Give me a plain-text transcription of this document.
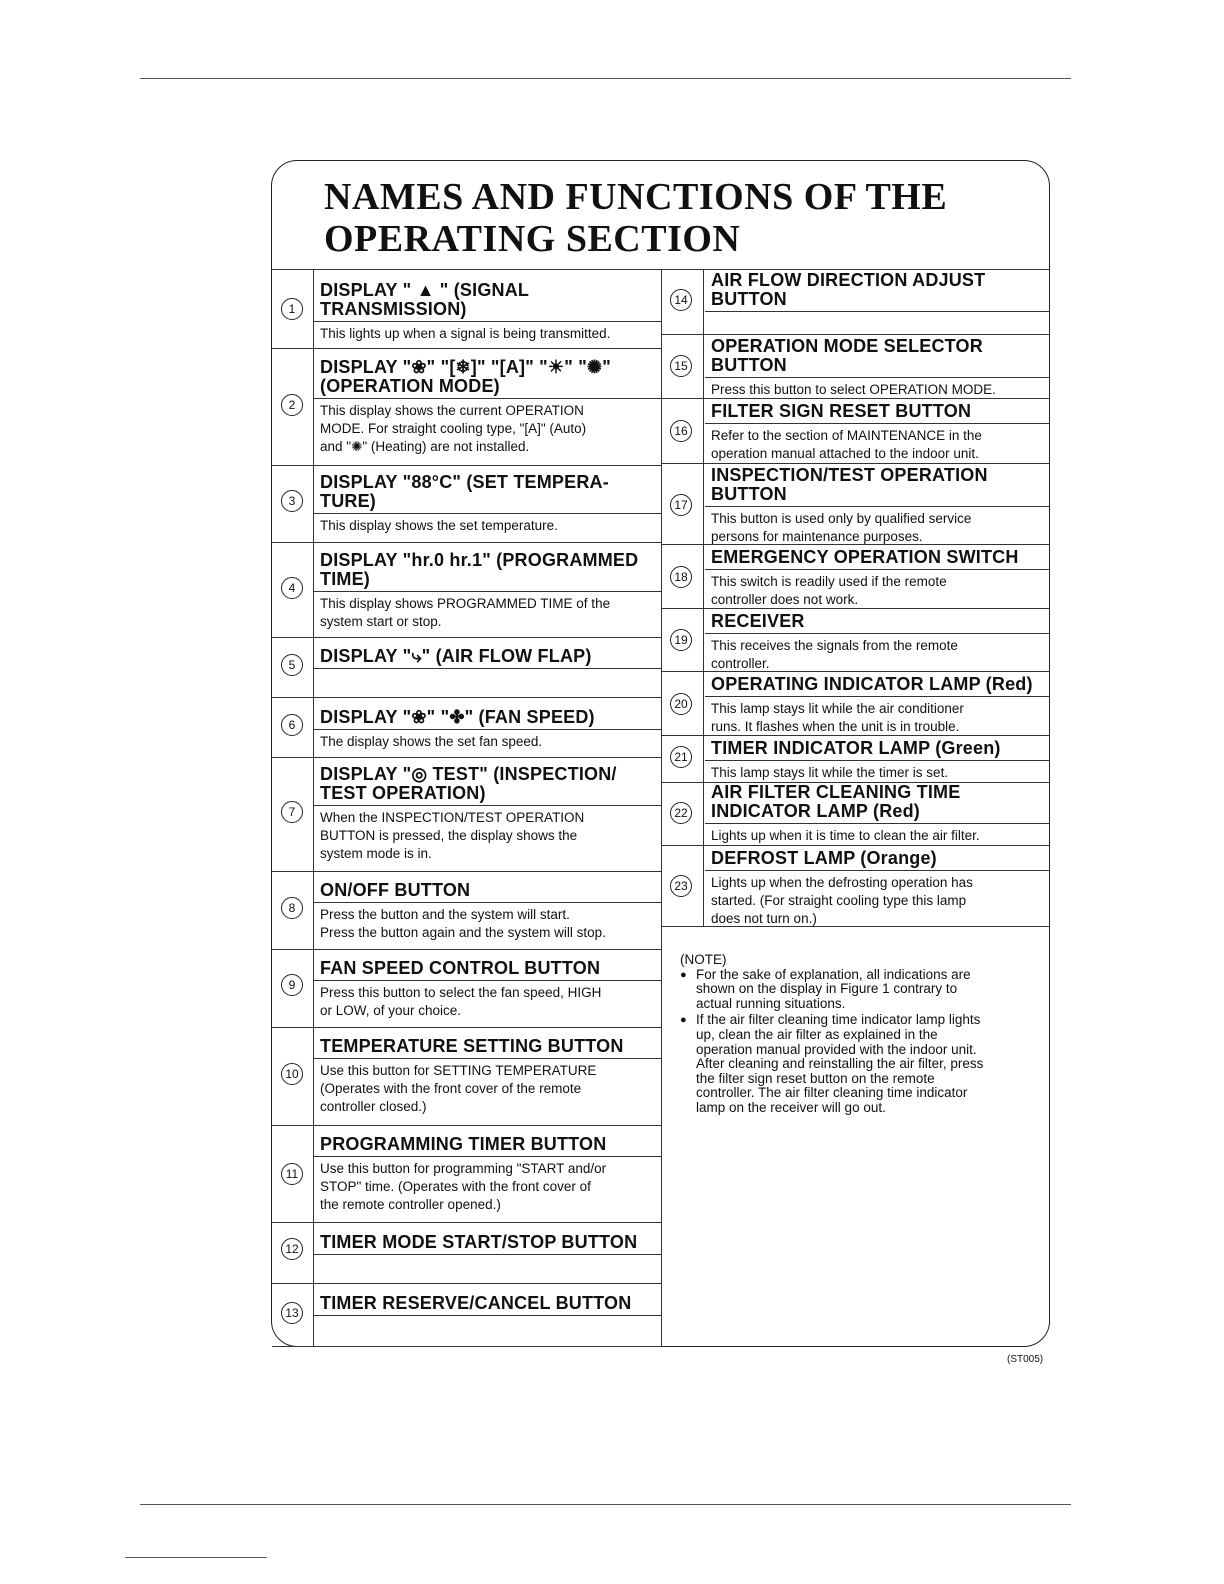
NAMES AND FUNCTIONS OF THE
OPERATING SECTION
1
DISPLAY " ▲ " (SIGNAL
TRANSMISSION)
This lights up when a signal is being transmitted.
2
DISPLAY "❀" "[❄]" "[A]" "☀" "✺"
(OPERATION MODE)
This display shows the current OPERATION
MODE. For straight cooling type, "[A]" (Auto)
and "✺" (Heating) are not installed.
3
DISPLAY "88°C" (SET TEMPERA-
TURE)
This display shows the set temperature.
4
DISPLAY "hr.0 hr.1" (PROGRAMMED
TIME)
This display shows PROGRAMMED TIME of the
system start or stop.
5	DISPLAY "⤷" (AIR FLOW FLAP)
6	DISPLAY "❀" "✤" (FAN SPEED)
The display shows the set fan speed.
7
DISPLAY "◎ TEST" (INSPECTION/
TEST OPERATION)
When the INSPECTION/TEST OPERATION
BUTTON is pressed, the display shows the
system mode is in.
8
ON/OFF BUTTON
Press the button and the system will start.
Press the button again and the system will stop.
9
FAN SPEED CONTROL BUTTON
Press this button to select the fan speed, HIGH
or LOW, of your choice.
10
TEMPERATURE SETTING BUTTON
Use this button for SETTING TEMPERATURE
(Operates with the front cover of the remote
controller closed.)
11
PROGRAMMING TIMER BUTTON
Use this button for programming "START and/or
STOP" time. (Operates with the front cover of
the remote controller opened.)
12 TIMER MODE START/STOP BUTTON
13 TIMER RESERVE/CANCEL BUTTON
14
AIR FLOW DIRECTION ADJUST
BUTTON
15
OPERATION MODE SELECTOR
BUTTON
Press this button to select OPERATION MODE.
16
FILTER SIGN RESET BUTTON
Refer to the section of MAINTENANCE in the
operation manual attached to the indoor unit.
17
INSPECTION/TEST OPERATION
BUTTON
This button is used only by qualified service
persons for maintenance purposes.
18
EMERGENCY OPERATION SWITCH
This switch is readily used if the remote
controller does not work.
19
RECEIVER
This receives the signals from the remote
controller.
20
OPERATING INDICATOR LAMP (Red)
This lamp stays lit while the air conditioner
runs. It flashes when the unit is in trouble.
21 TIMER INDICATOR LAMP (Green)
This lamp stays lit while the timer is set.
22
AIR FILTER CLEANING TIME
INDICATOR LAMP (Red)
Lights up when it is time to clean the air filter.
23
DEFROST LAMP (Orange)
Lights up when the defrosting operation has
started. (For straight cooling type this lamp
does not turn on.)
(NOTE)
● For the sake of explanation, all indications are
shown on the display in Figure 1 contrary to
actual running situations.
● If the air filter cleaning time indicator lamp lights
up, clean the air filter as explained in the
operation manual provided with the indoor unit.
After cleaning and reinstalling the air filter, press
the filter sign reset button on the remote
controller. The air filter cleaning time indicator
lamp on the receiver will go out.
(ST005)
